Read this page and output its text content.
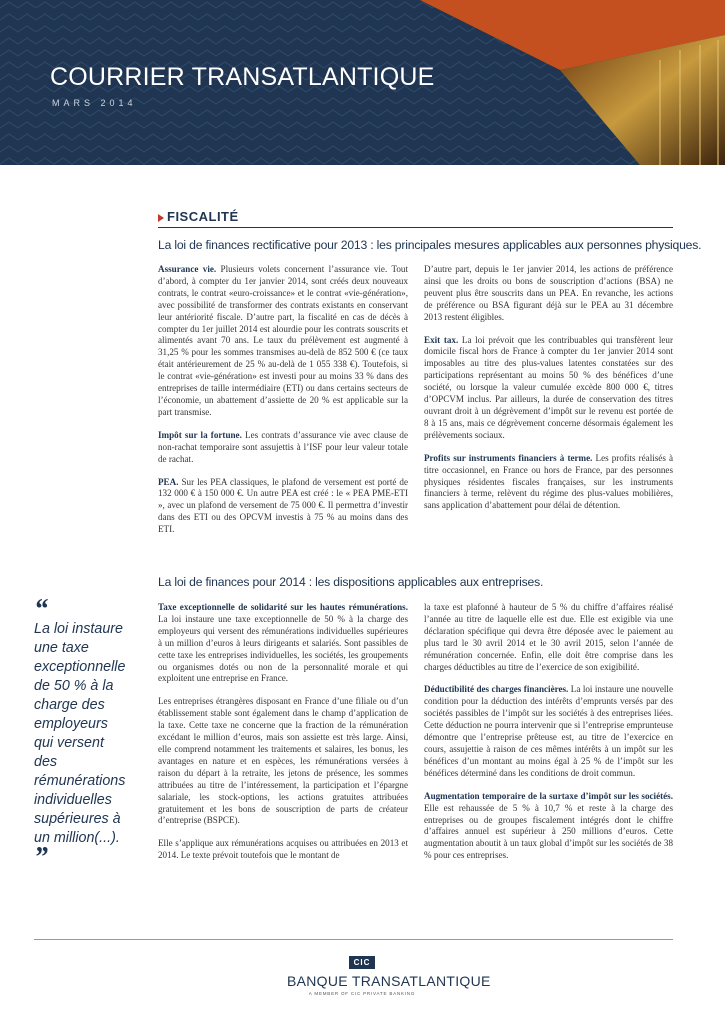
COURRIER TRANSATLANTIQUE
MARS 2014
FISCALITÉ
La loi de finances rectificative pour 2013 : les principales mesures applicables aux personnes physiques.

Assurance vie. Plusieurs volets concernent l’assurance vie. Tout d’abord, à compter du 1er janvier 2014, sont créés deux nouveaux contrats, le contrat «euro-croissance» et le contrat «vie-génération», avec possibilité de transformer des contrats existants en conservant leur antériorité fiscale. D’autre part, la fiscalité en cas de décès à compter du 1er juillet 2014 est alourdie pour les contrats souscrits et alimentés avant 70 ans. Le taux du prélèvement est augmenté à 31,25 % pour les sommes transmises au-delà de 852 500 € (ce taux était antérieurement de 25 % au-delà de 1 055 338 €). Toutefois, si le contrat «vie-génération» est investi pour au moins 33 % dans des entreprises de taille intermédiaire (ETI) ou dans certains secteurs de l’économie, un abattement d’assiette de 20 % est applicable sur la part transmise.

Impôt sur la fortune. Les contrats d’assurance vie avec clause de non-rachat temporaire sont assujettis à l’ISF pour leur valeur totale de rachat.

PEA. Sur les PEA classiques, le plafond de versement est porté de 132 000 € à 150 000 €. Un autre PEA est créé : le « PEA PME-ETI », avec un plafond de versement de 75 000 €. Il permettra d’investir dans des ETI ou des OPCVM investis à 75 % au moins dans des ETI.

D’autre part, depuis le 1er janvier 2014, les actions de préférence ainsi que les droits ou bons de souscription d’actions (BSA) ne peuvent plus être souscrits dans un PEA. En revanche, les actions de préférence ou BSA figurant déjà sur le PEA au 31 décembre 2013 restent éligibles.

Exit tax. La loi prévoit que les contribuables qui transfèrent leur domicile fiscal hors de France à compter du 1er janvier 2014 sont imposables au titre des plus-values latentes constatées sur des participations représentant au moins 50 % des bénéfices d’une société, ou lorsque la valeur cumulée excède 800 000 €, titres d’OPCVM inclus. Par ailleurs, la durée de conservation des titres ouvrant droit à un dégrèvement d’impôt sur le revenu est portée de 8 à 15 ans, mais ce dégrèvement concerne désormais également les prélèvements sociaux.

Profits sur instruments financiers à terme. Les profits réalisés à titre occasionnel, en France ou hors de France, par des personnes physiques résidentes fiscales françaises, sur les instruments financiers à terme, relèvent du régime des plus-values mobilières, sans application d’abattement pour délai de détention.

La loi de finances pour 2014 : les dispositions applicables aux entreprises.
“
La loi instaure une taxe exceptionnelle de 50 % à la charge des employeurs qui versent des rémunérations individuelles supérieures à un million(...).
”

Taxe exceptionnelle de solidarité sur les hautes rémunérations. La loi instaure une taxe exceptionnelle de 50 % à la charge des employeurs qui versent des rémunérations individuelles supérieures à un million d’euros à leurs dirigeants et salariés. Sont passibles de cette taxe les entreprises individuelles, les sociétés, les groupements ou organismes dotés ou non de la personnalité morale et qui exploitent une entreprise en France.

Les entreprises étrangères disposant en France d’une filiale ou d’un établissement stable sont également dans le champ d’application de la taxe. Cette taxe ne concerne que la fraction de la rémunération excédant le million d’euros, mais son assiette est très large. Ainsi, elle comprend notamment les traitements et salaires, les bonus, les avantages en nature et en espèces, les rémunérations versées à raison du départ à la retraite, les jetons de présence, les sommes attribuées au titre de l’intéressement, la participation et l’épargne salariale, les stock-options, les actions gratuites attribuées gratuitement et les bons de souscription de parts de créateur d’entreprise (BSPCE).

Elle s’applique aux rémunérations acquises ou attribuées en 2013 et 2014. Le texte prévoit toutefois que le montant de

la taxe est plafonné à hauteur de 5 % du chiffre d’affaires réalisé l’année au titre de laquelle elle est due. Elle est exigible via une déclaration spécifique qui devra être déposée avec le paiement au plus tard le 30 avril 2014 et le 30 avril 2015, selon l’année de rémunération concernée. Enfin, elle doit être comprise dans les charges déductibles au titre de l’exercice de son exigibilité.

Déductibilité des charges financières. La loi instaure une nouvelle condition pour la déduction des intérêts d’emprunts versés par des sociétés passibles de l’impôt sur les sociétés à des entreprises liées. Cette déduction ne pourra intervenir que si l’entreprise emprunteuse démontre que l’entreprise prêteuse est, au titre de l’exercice en cours, assujettie à raison de ces mêmes intérêts à un impôt sur les bénéfices d’un montant au moins égal à 25 % de l’impôt sur les bénéfices déterminé dans les conditions de droit commun.

Augmentation temporaire de la surtaxe d’impôt sur les sociétés. Elle est rehaussée de 5 % à 10,7 % et reste à la charge des entreprises ou de groupes fiscalement intégrés dont le chiffre d’affaires annuel est supérieur à 250 millions d’euros. Cette augmentation aboutit à un taux global d’impôt sur les sociétés de 38 % pour ces entreprises.

CIC
BANQUE TRANSATLANTIQUE
A MEMBER OF CIC PRIVATE BANKING
